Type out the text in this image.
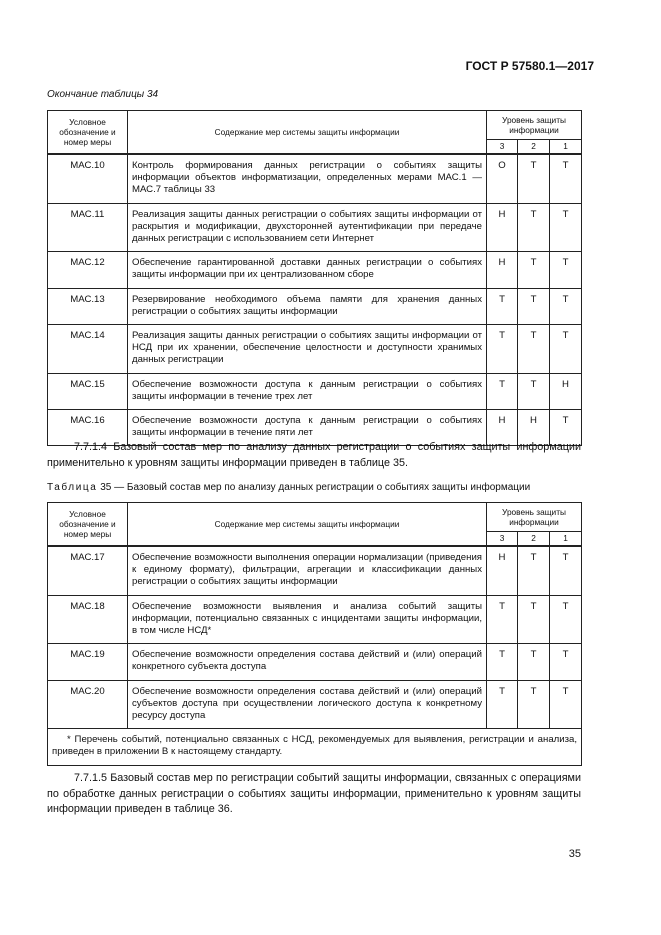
ГОСТ Р 57580.1—2017
Окончание таблицы 34
Условное обозначение и номер меры	Содержание мер системы защиты информации	Уровень защиты информации		
		3	2	1
МАС.10	Контроль формирования данных регистрации о событиях защиты информации объектов информатизации, определенных мерами МАС.1 — МАС.7 таблицы 33	О	Т	Т
МАС.11	Реализация защиты данных регистрации о событиях защиты информации от раскрытия и модификации, двухсторонней аутентификации при передаче данных регистрации с использованием сети Интернет	Н	Т	Т
МАС.12	Обеспечение гарантированной доставки данных регистрации о событиях защиты информации при их централизованном сборе	Н	Т	Т
МАС.13	Резервирование необходимого объема памяти для хранения данных регистрации о событиях защиты информации	Т	Т	Т
МАС.14	Реализация защиты данных регистрации о событиях защиты информации от НСД при их хранении, обеспечение целостности и доступности хранимых данных регистрации	Т	Т	Т
МАС.15	Обеспечение возможности доступа к данным регистрации о событиях защиты информации в течение трех лет	Т	Т	Н
МАС.16	Обеспечение возможности доступа к данным регистрации о событиях защиты информации в течение пяти лет	Н	Н	Т

7.7.1.4 Базовый состав мер по анализу данных регистрации о событиях защиты информации применительно к уровням защиты информации приведен в таблице 35.

Таблица 35 — Базовый состав мер по анализу данных регистрации о событиях защиты информации
Условное обозначение и номер меры	Содержание мер системы защиты информации	Уровень защиты информации		
		3	2	1
МАС.17	Обеспечение возможности выполнения операции нормализации (приведения к единому формату), фильтрации, агрегации и классификации данных регистрации о событиях защиты информации	Н	Т	Т
МАС.18	Обеспечение возможности выявления и анализа событий защиты информации, потенциально связанных с инцидентами защиты информации, в том числе НСД*	Т	Т	Т
МАС.19	Обеспечение возможности определения состава действий и (или) операций конкретного субъекта доступа	Т	Т	Т
МАС.20	Обеспечение возможности определения состава действий и (или) операций субъектов доступа при осуществлении логического доступа к конкретному ресурсу доступа	Т	Т	Т
* Перечень событий, потенциально связанных с НСД, рекомендуемых для выявления, регистрации и анализа, приведен в приложении В к настоящему стандарту.				

7.7.1.5 Базовый состав мер по регистрации событий защиты информации, связанных с операциями по обработке данных регистрации о событиях защиты информации, применительно к уровням защиты информации приведен в таблице 36.

35
